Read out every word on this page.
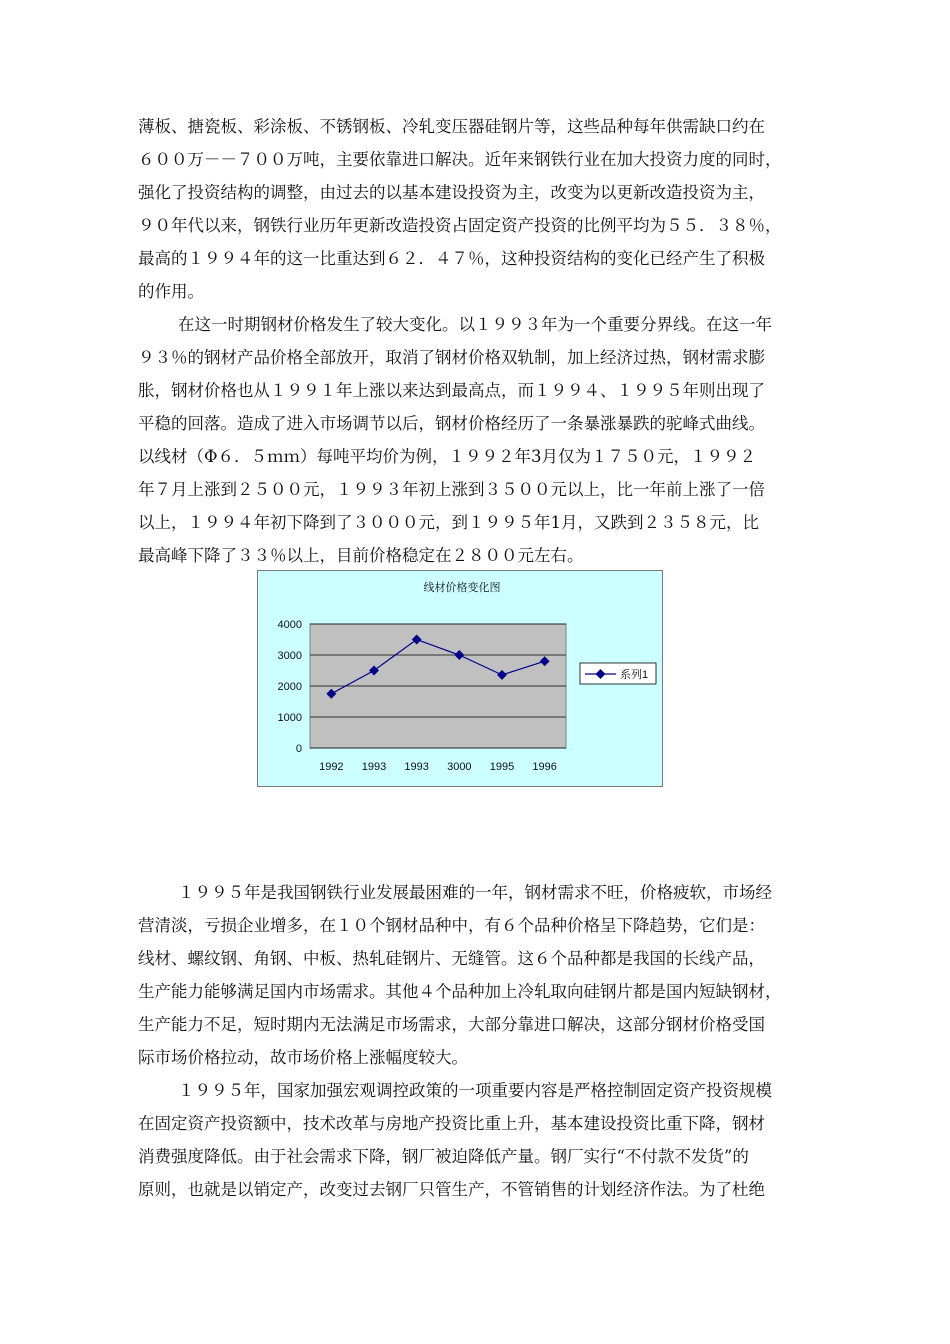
薄板、搪瓷板、彩涂板、不锈钢板、冷轧变压器硅钢片等，这些品种每年供需缺口约在
６００万－－７００万吨，主要依靠进口解决。近年来钢铁行业在加大投资力度的同时，
强化了投资结构的调整，由过去的以基本建设投资为主，改变为以更新改造投资为主，
９０年代以来，钢铁行业历年更新改造投资占固定资产投资的比例平均为５５．３８％，
最高的１９９４年的这一比重达到６２．４７％，这种投资结构的变化已经产生了积极
的作用。
在这一时期钢材价格发生了较大变化。以１９９３年为一个重要分界线。在这一年
９３％的钢材产品价格全部放开，取消了钢材价格双轨制，加上经济过热，钢材需求膨
胀，钢材价格也从１９９１年上涨以来达到最高点，而１９９４、１９９５年则出现了
平稳的回落。造成了进入市场调节以后，钢材价格经历了一条暴涨暴跌的驼峰式曲线。
以线材（Φ６．５ｍｍ）每吨平均价为例，１９９２年3月仅为１７５０元，１９９２
年７月上涨到２５００元，１９９３年初上涨到３５００元以上，比一年前上涨了一倍
以上，１９９４年初下降到了３０００元，到１９９５年1月，又跌到２３５８元，比
最高峰下降了３３％以上，目前价格稳定在２８００元左右。
线材价格变化图
0
1000
2000
3000
4000
1992 1993 1993 3000 1995 1996
系列1
１９９５年是我国钢铁行业发展最困难的一年，钢材需求不旺，价格疲软，市场经
营清淡，亏损企业增多，在１０个钢材品种中，有６个品种价格呈下降趋势，它们是：
线材、螺纹钢、角钢、中板、热轧硅钢片、无缝管。这６个品种都是我国的长线产品，
生产能力能够满足国内市场需求。其他４个品种加上冷轧取向硅钢片都是国内短缺钢材，
生产能力不足，短时期内无法满足市场需求，大部分靠进口解决，这部分钢材价格受国
际市场价格拉动，故市场价格上涨幅度较大。
１９９５年，国家加强宏观调控政策的一项重要内容是严格控制固定资产投资规模
在固定资产投资额中，技术改革与房地产投资比重上升，基本建设投资比重下降，钢材
消费强度降低。由于社会需求下降，钢厂被迫降低产量。钢厂实行“不付款不发货”的
原则，也就是以销定产，改变过去钢厂只管生产，不管销售的计划经济作法。为了杜绝
